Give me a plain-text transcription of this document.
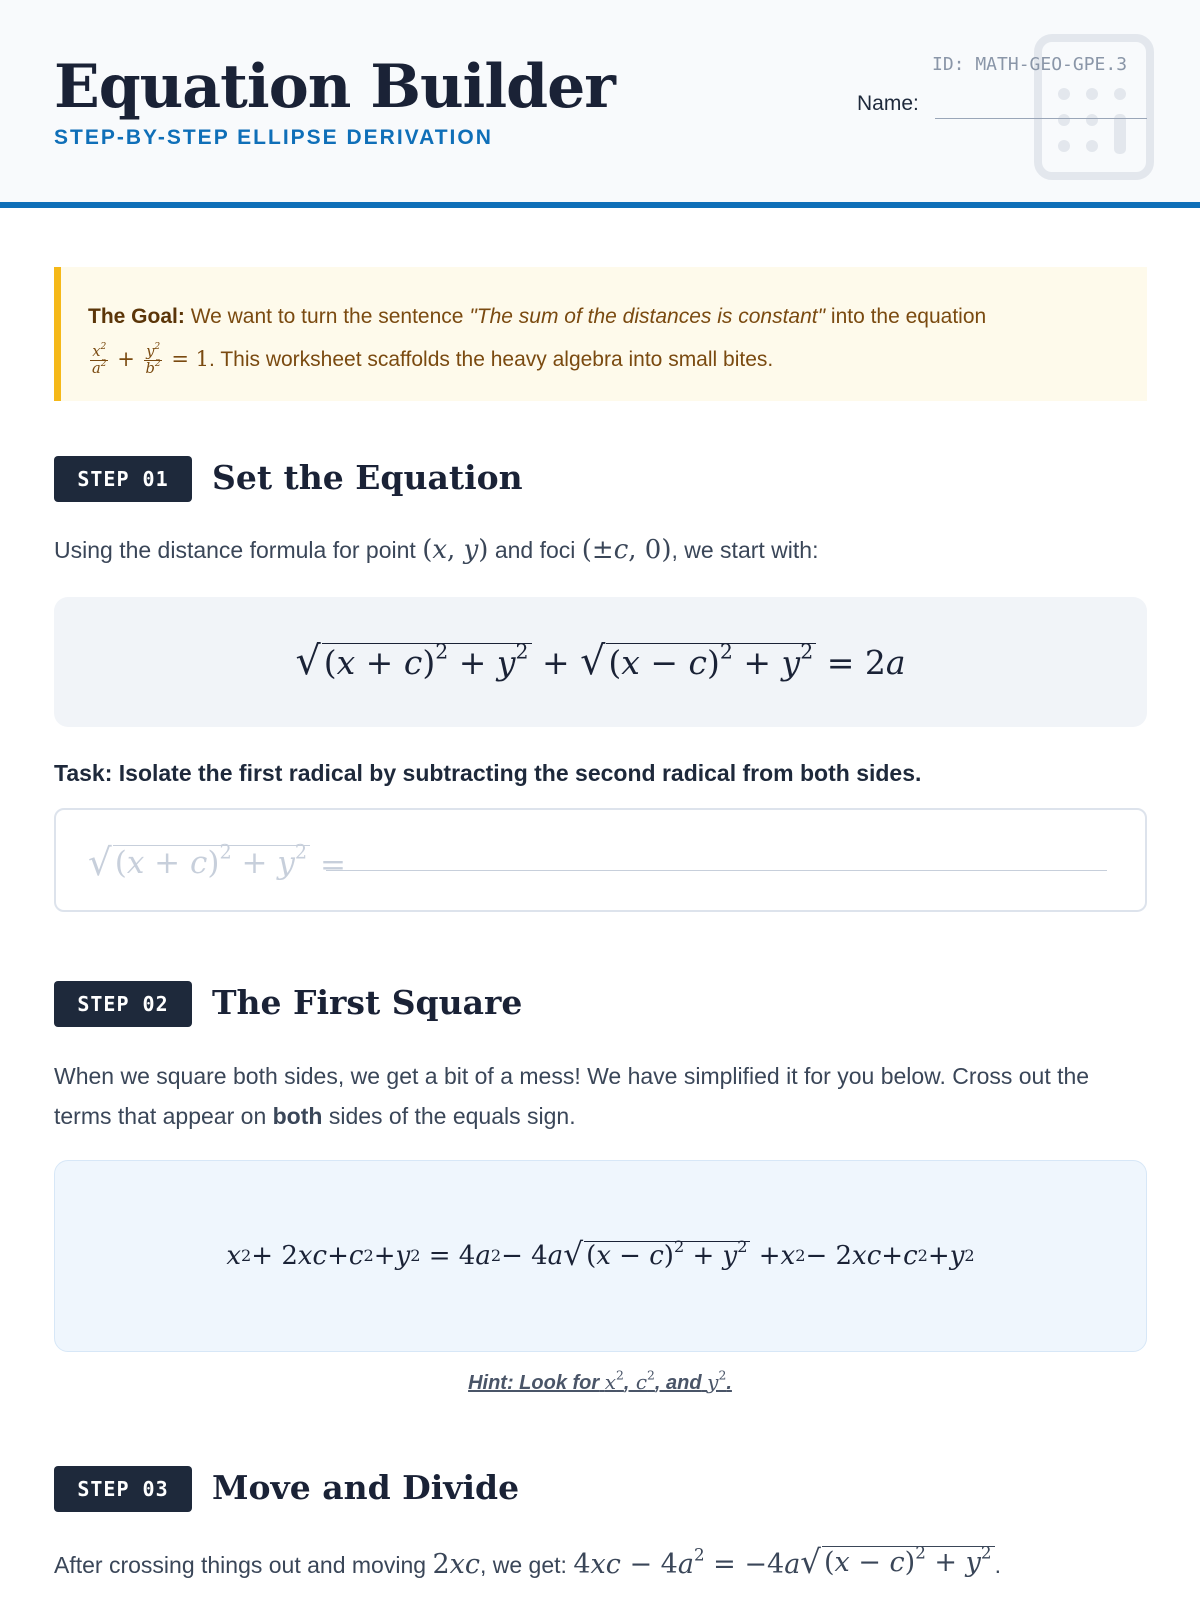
Equation Builder
STEP-BY-STEP ELLIPSE DERIVATION
ID: MATH-GEO-GPE.3
Name:
The Goal: We want to turn the sentence "The sum of the distances is constant" into the equation

$\frac{x^2}{a^2} + \frac{y^2}{b^2} = 1$. This worksheet scaffolds the heavy algebra into small bites.
STEP 01	Set the Equation

Using the distance formula for point (x, y) and foci (±c, 0), we start with:

√ $(x + c)^2 + y^2$ + √ $(x - c)^2 + y^2 = 2$ a

Task: Isolate the first radical by subtracting the second radical from both sides.

√ $(x + c)^2 + y^2$ =
STEP 02	The First Square

When we square both sides, we get a bit of a mess! We have simplified it for you below. Cross out the terms that appear on both sides of the equals sign.

x 2 + 2 xc + c 2 + y 2 = 4 a 2 − 4 a √ $(x - c)^2 + y^2 + x$ 2 − 2 xc + c 2 + y 2
Hint: Look for $x^2$, $c^2$, and $y^2$.
STEP 03	Move and Divide

After crossing things out and moving 2xc, we get: $4xc - 4a^2 = -4a$ √ $(x - c)^2 + y^2$ .
